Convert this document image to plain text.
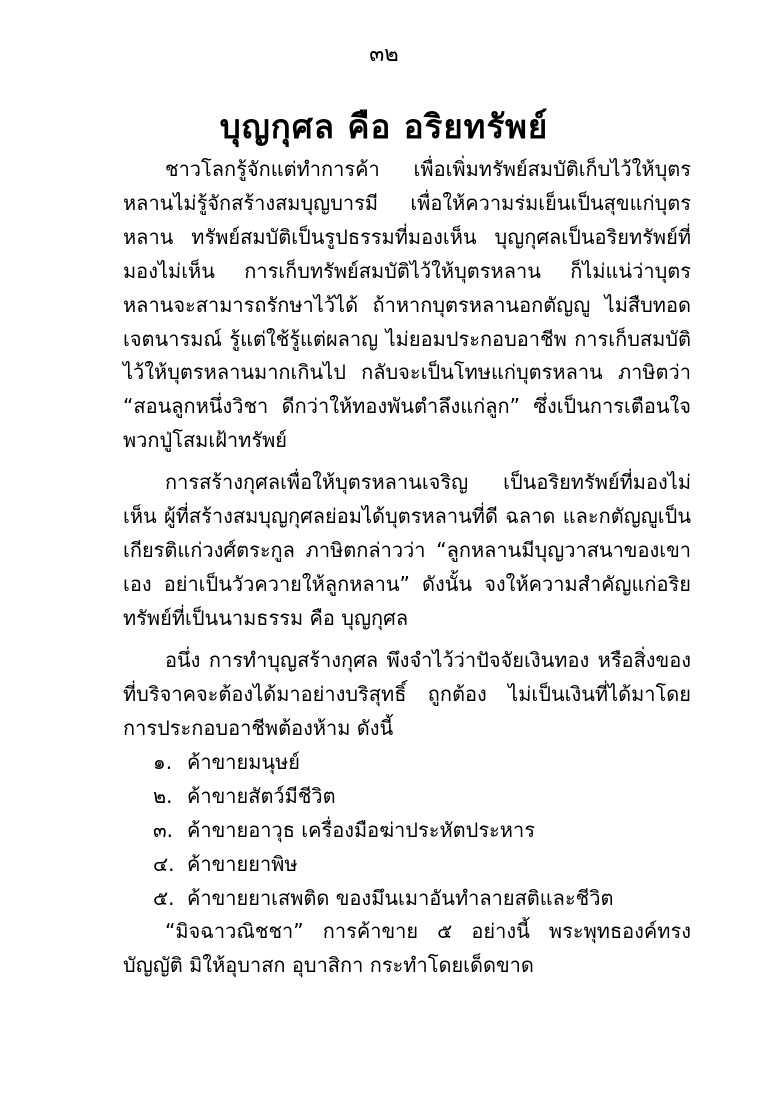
๓๒
บุญกุศล คือ อริยทรัพย์

ชาวโลกรู้จักแต่ทำการค้า เพื่อเพิ่มทรัพย์สมบัติเก็บไว้ให้บุตรหลานไม่รู้จักสร้างสมบุญบารมี เพื่อให้ความร่มเย็นเป็นสุขแก่บุตรหลาน ทรัพย์สมบัติเป็นรูปธรรมที่มองเห็น บุญกุศลเป็นอริยทรัพย์ที่มองไม่เห็น การเก็บทรัพย์สมบัติไว้ให้บุตรหลาน ก็ไม่แน่ว่าบุตรหลานจะสามารถรักษาไว้ได้ ถ้าหากบุตรหลานอกตัญญู ไม่สืบทอดเจตนารมณ์ รู้แต่ใช้รู้แต่ผลาญ ไม่ยอมประกอบอาชีพ การเก็บสมบัติไว้ให้บุตรหลานมากเกินไป กลับจะเป็นโทษแก่บุตรหลาน ภาษิตว่า “สอนลูกหนึ่งวิชา ดีกว่าให้ทองพันตำลึงแก่ลูก” ซึ่งเป็นการเตือนใจพวกปู่โสมเฝ้าทรัพย์

การสร้างกุศลเพื่อให้บุตรหลานเจริญ เป็นอริยทรัพย์ที่มองไม่เห็น ผู้ที่สร้างสมบุญกุศลย่อมได้บุตรหลานที่ดี ฉลาด และกตัญญูเป็นเกียรติแก่วงศ์ตระกูล ภาษิตกล่าวว่า “ลูกหลานมีบุญวาสนาของเขาเอง อย่าเป็นวัวควายให้ลูกหลาน” ดังนั้น จงให้ความสำคัญแก่อริยทรัพย์ที่เป็นนามธรรม คือ บุญกุศล

อนึ่ง การทำบุญสร้างกุศล พึงจำไว้ว่าปัจจัยเงินทอง หรือสิ่งของที่บริจาคจะต้องได้มาอย่างบริสุทธิ์ ถูกต้อง ไม่เป็นเงินที่ได้มาโดยการประกอบอาชีพต้องห้าม ดังนี้

๑. ค้าขายมนุษย์
๒. ค้าขายสัตว์มีชีวิต
๓. ค้าขายอาวุธ เครื่องมือฆ่าประหัตประหาร
๔. ค้าขายยาพิษ
๕. ค้าขายยาเสพติด ของมึนเมาอันทำลายสติและชีวิต

“มิจฉาวณิชชา” การค้าขาย ๕ อย่างนี้ พระพุทธองค์ทรงบัญญัติ มิให้อุบาสก อุบาสิกา กระทำโดยเด็ดขาด
